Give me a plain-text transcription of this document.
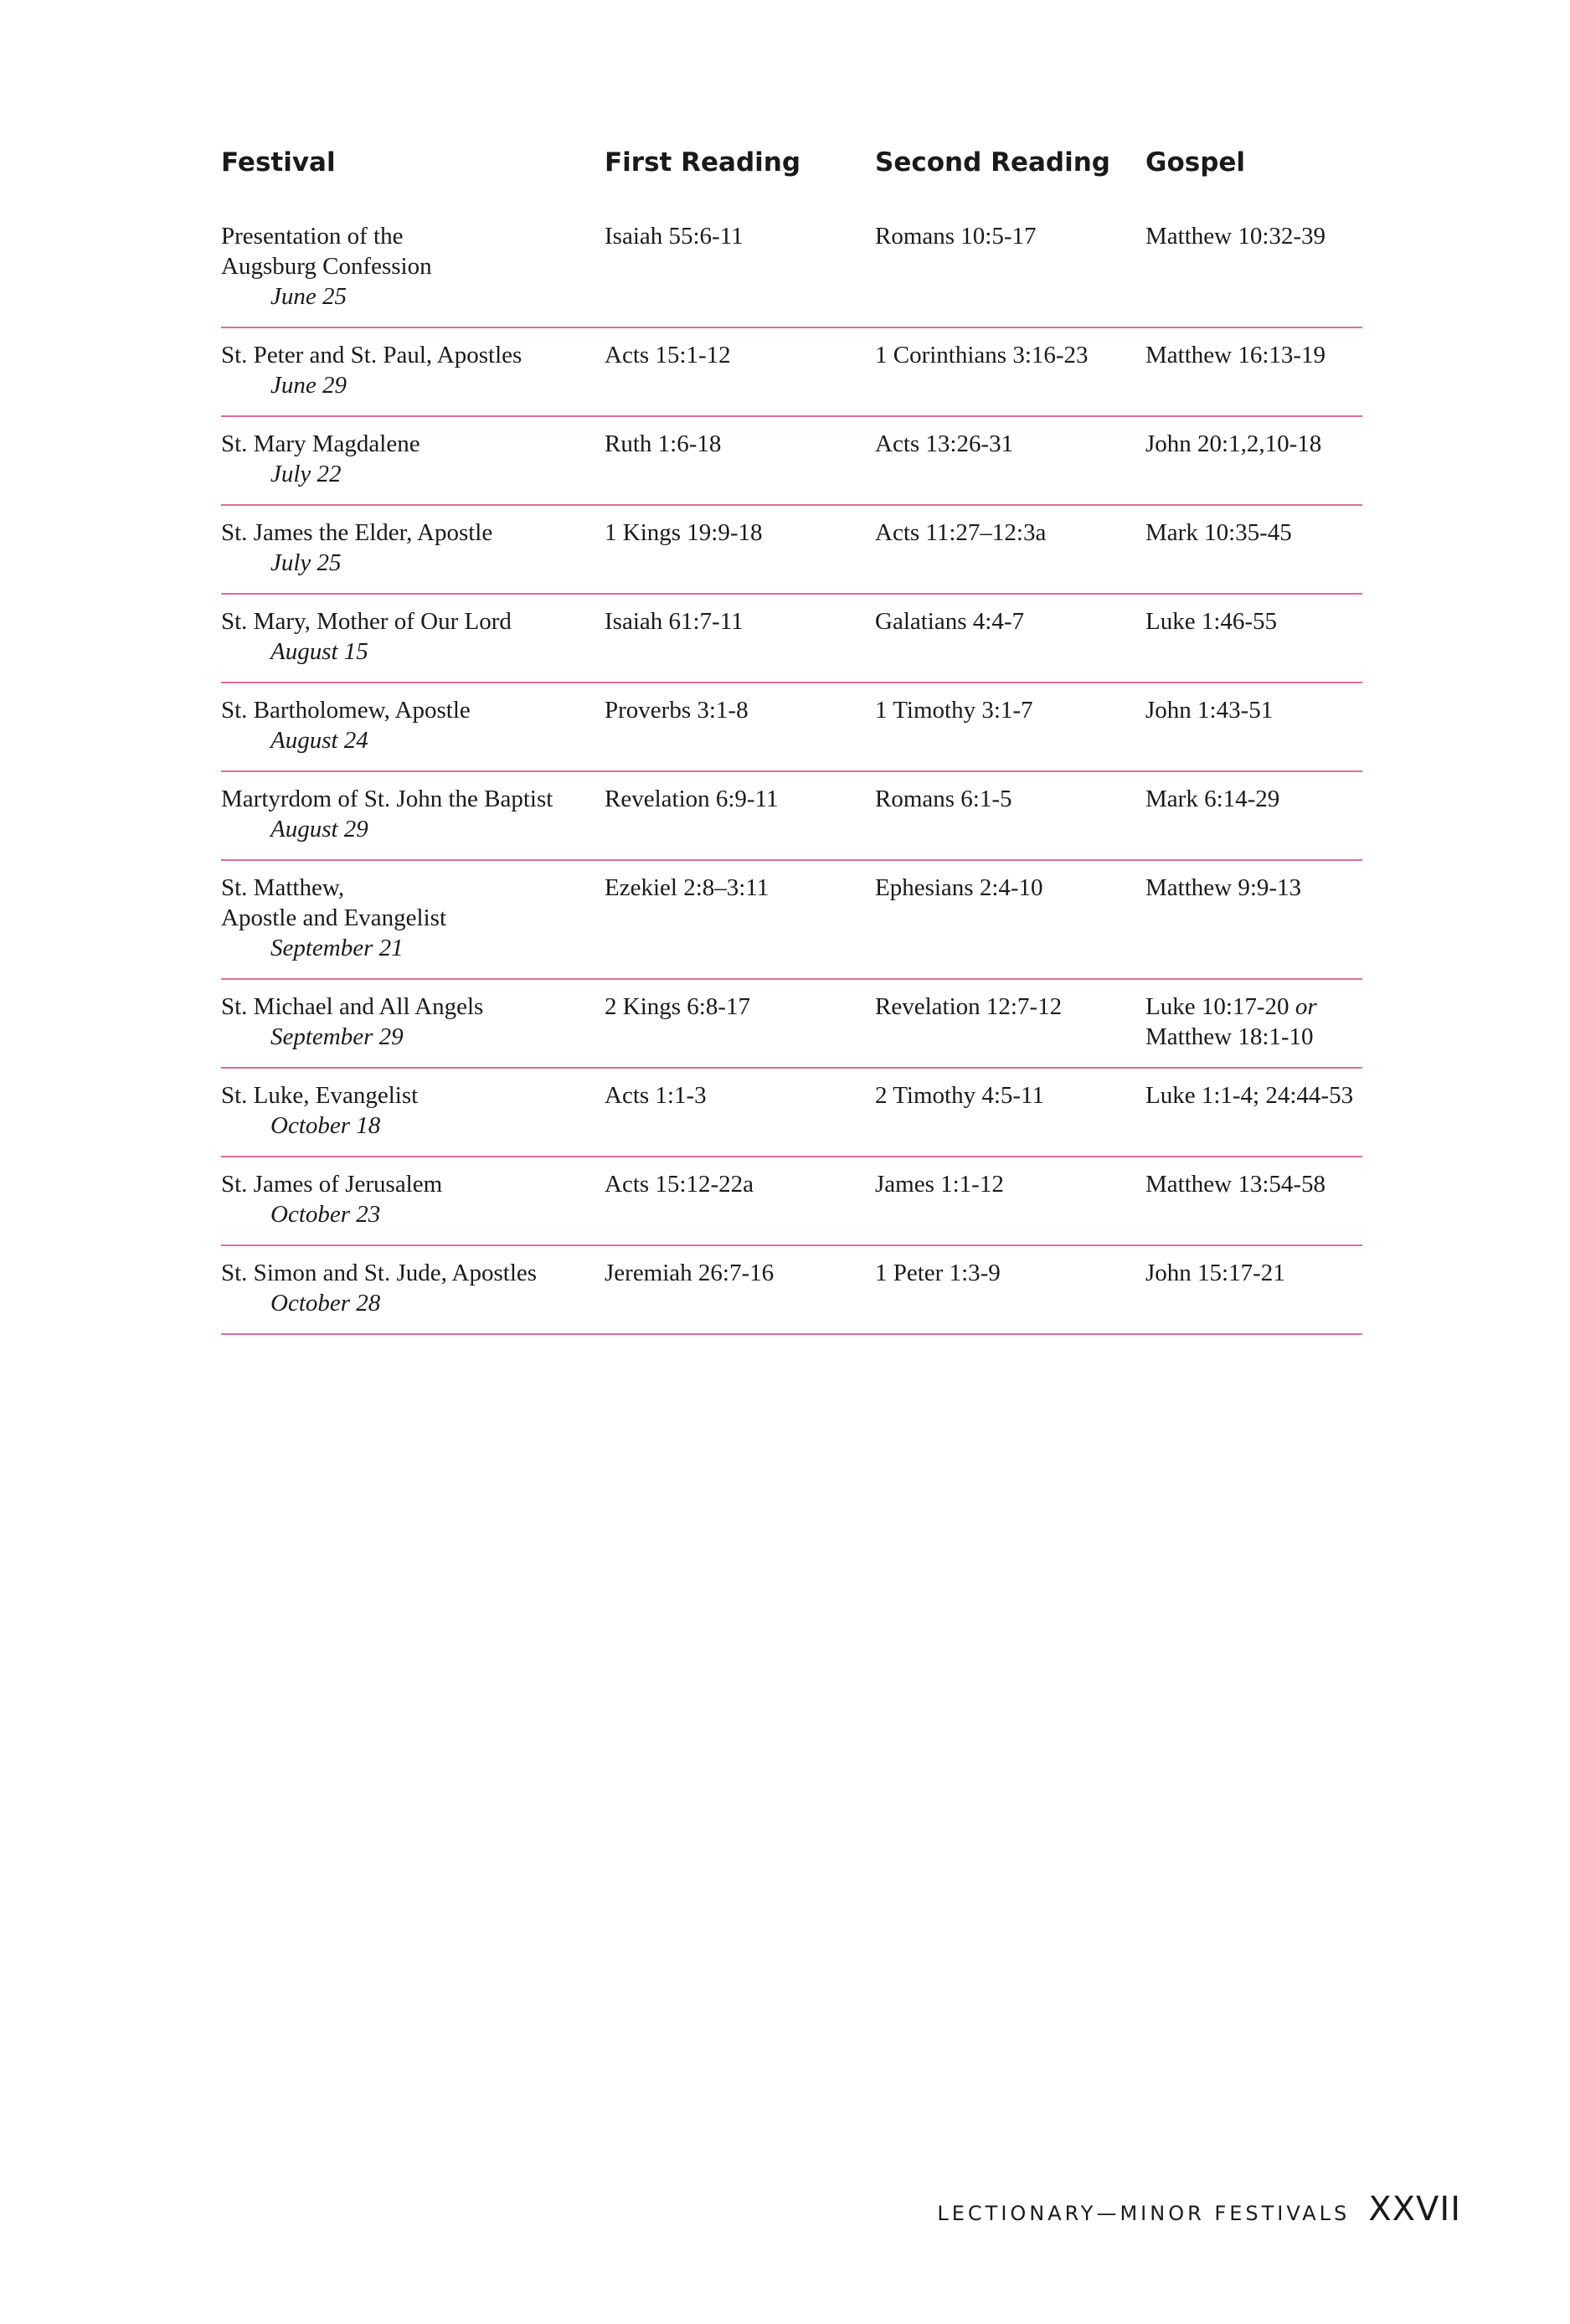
Festival	First Reading	Second Reading	Gospel
Presentation of the
Augsburg Confession
June 25
Isaiah 55:6-11	Romans 10:5-17	Matthew 10:32-39
St. Peter and St. Paul, Apostles
June 29
Acts 15:1-12	1 Corinthians 3:16-23	Matthew 16:13-19
St. Mary Magdalene
July 22
Ruth 1:6-18	Acts 13:26-31	John 20:1,2,10-18
St. James the Elder, Apostle
July 25
1 Kings 19:9-18	Acts 11:27–12:3a	Mark 10:35-45
St. Mary, Mother of Our Lord
August 15
Isaiah 61:7-11	Galatians 4:4-7	Luke 1:46-55
St. Bartholomew, Apostle
August 24
Proverbs 3:1-8	1 Timothy 3:1-7	John 1:43-51
Martyrdom of St. John the Baptist
August 29
Revelation 6:9-11	Romans 6:1-5	Mark 6:14-29
St. Matthew,
Apostle and Evangelist
September 21
Ezekiel 2:8–3:11	Ephesians 2:4-10	Matthew 9:9-13
St. Michael and All Angels
September 29
2 Kings 6:8-17	Revelation 12:7-12	Luke 10:17-20 or
Matthew 18:1-10
St. Luke, Evangelist
October 18
Acts 1:1-3	2 Timothy 4:5-11	Luke 1:1-4; 24:44-53
St. James of Jerusalem
October 23
Acts 15:12-22a	James 1:1-12	Matthew 13:54-58
St. Simon and St. Jude, Apostles
October 28
Jeremiah 26:7-16	1 Peter 1:3-9	John 15:17-21
LECTIONARY—MINOR FESTIVALS XXVII
